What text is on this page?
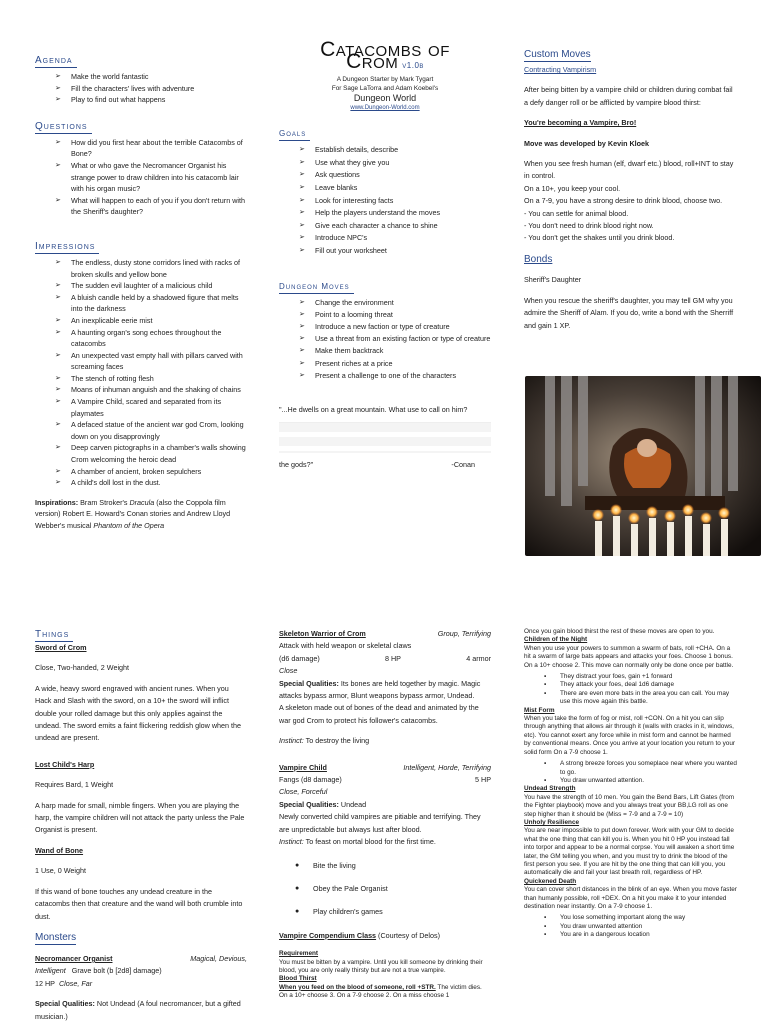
Agenda
➢ Make the world fantastic
➢ Fill the characters' lives with adventure
➢ Play to find out what happens
Questions
➢ How did you first hear about the terrible Catacombs of Bone?
➢ What or who gave the Necromancer Organist his strange power to draw children into his catacomb lair with his organ music?
➢ What will happen to each of you if you don't return with the Sheriff's daughter?
Impressions
➢ The endless, dusty stone corridors lined with racks of broken skulls and yellow bone
➢ The sudden evil laughter of a malicious child
➢ A bluish candle held by a shadowed figure that melts into the darkness
➢ An inexplicable eerie mist
➢ A haunting organ's song echoes throughout the catacombs
➢ An unexpected vast empty hall with pillars carved with screaming faces
➢ The stench of rotting flesh
➢ Moans of inhuman anguish and the shaking of chains
➢ A Vampire Child, scared and separated from its playmates
➢ A defaced statue of the ancient war god Crom, looking down on you disapprovingly
➢ Deep carven pictographs in a chamber's walls showing Crom welcoming the heroic dead
➢ A chamber of ancient, broken sepulchers
➢ A child's doll lost in the dust.

Inspirations: Bram Stroker's Dracula (also the Coppola film version) Robert E. Howard's Conan stories and Andrew Lloyd Webber's musical Phantom of the Opera

Catacombs of Crom v1.0b
A Dungeon Starter by Mark Tygart
For Sage LaTorra and Adam Koebel's
Dungeon World
www.Dungeon-World.com
Goals
➢ Establish details, describe
➢ Use what they give you
➢ Ask questions
➢ Leave blanks
➢ Look for interesting facts
➢ Help the players understand the moves
➢ Give each character a chance to shine
➢ Introduce NPC's
➢ Fill out your worksheet
Dungeon Moves
➢ Change the environment
➢ Point to a looming threat
➢ Introduce a new faction or type of creature
➢ Use a threat from an existing faction or type of creature
➢ Make them backtrack
➢ Present riches at a price
➢ Present a challenge to one of the characters

"...He dwells on a great mountain. What use to call on him?

the gods?"	-Conan
Custom Moves
Contracting Vampirism

After being bitten by a vampire child or children during combat fail a defy danger roll or be afflicted by vampire blood thirst:

You're becoming a Vampire, Bro!

Move was developed by Kevin Kloek

When you see fresh human (elf, dwarf etc.) blood, roll+INT to stay in control.

On a 10+, you keep your cool.

On a 7-9, you have a strong desire to drink blood, choose two.

- You can settle for animal blood.

- You don't need to drink blood right now.

- You don't get the shakes until you drink blood.

Bonds

Sheriff's Daughter

When you rescue the sheriff's daughter, you may tell GM why you admire the Sheriff of Alam. If you do, write a bond with the Sherriff and gain 1 XP.

Things

Sword of Crom

Close, Two-handed, 2 Weight

A wide, heavy sword engraved with ancient runes. When you Hack and Slash with the sword, on a 10+ the sword will inflict double your rolled damage but this only applies against the undead. The sword emits a faint flickering reddish glow when the undead are present.

Lost Child's Harp

Requires Bard, 1 Weight

A harp made for small, nimble fingers. When you are playing the harp, the vampire children will not attack the party unless the Pale Organist is present.

Wand of Bone

1 Use, 0 Weight

If this wand of bone touches any undead creature in the catacombs then that creature and the wand will both crumble into dust.

Monsters
Necromancer Organist	Magical, Devious,

Intelligent Grave bolt (b [2d8] damage)

12 HP Close, Far

Special Qualities: Not Undead (A foul necromancer, but a gifted musician.)

Skeleton Warrior of Crom	Group, Terrifying

Attack with held weapon or skeletal claws

(d6 damage)	8 HP	4 armor

Close

Special Qualities: Its bones are held together by magic. Magic attacks bypass armor, Blunt weapons bypass armor, Undead.

A skeleton made out of bones of the dead and animated by the war god Crom to protect his follower's catacombs.

Instinct: To destroy the living

Vampire Child	Intelligent, Horde, Terrifying
Fangs (d8 damage)	5 HP

Close, Forceful

Special Qualities: Undead

Newly converted child vampires are pitiable and terrifying. They are unpredictable but always lust after blood.

Instinct: To feast on mortal blood for the first time.

● Bite the living
● Obey the Pale Organist
● Play children's games

Vampire Compendium Class (Courtesy of Delos)

Requirement

You must be bitten by a vampire. Until you kill someone by drinking their blood, you are only really thirsty but are not a true vampire.

Blood Thirst

When you feed on the blood of someone, roll +STR. The victim dies. On a 10+ choose 3. On a 7-9 choose 2. On a miss choose 1

Once you gain blood thirst the rest of these moves are open to you.

Children of the Night

When you use your powers to summon a swarm of bats, roll +CHA. On a hit a swarm of large bats appears and attacks your foes. Choose 1 bonus. On a 10+ choose 2. This move can normally only be done once per battle.

▪ They distract your foes, gain +1 forward
▪ They attack your foes, deal 1d6 damage
▪ There are even more bats in the area you can call. You may use this move again this battle.

Mist Form

When you take the form of fog or mist, roll +CON. On a hit you can slip through anything that allows air through it (walls with cracks in it, windows, etc). You cannot exert any force while in mist form and cannot be harmed by conventional means. Once you arrive at your location you return to your solid form On a 7-9 choose 1.

▪ A strong breeze forces you someplace near where you wanted to go.
▪ You draw unwanted attention.

Undead Strength

You have the strength of 10 men. You gain the Bend Bars, Lift Gates (from the Fighter playbook) move and you always treat your BB,LG roll as one step higher than it should be (Miss = 7-9 and a 7-9 = 10)

Unholy Resilience

You are near impossible to put down forever. Work with your GM to decide what the one thing that can kill you is. When you hit 0 HP you instead fall into torpor and appear to be a normal corpse. You will awaken a short time later, the GM telling you when, and you must try to drink the blood of the first person you see. If you are hit by the one thing that can kill you, you automatically die and fail your last breath roll, regardless of HP.

Quickened Death

You can cover short distances in the blink of an eye. When you move faster than humanly possible, roll +DEX. On a hit you make it to your intended destination near instantly. On a 7-9 choose 1.

▪ You lose something important along the way
▪ You draw unwanted attention
▪ You are in a dangerous location
